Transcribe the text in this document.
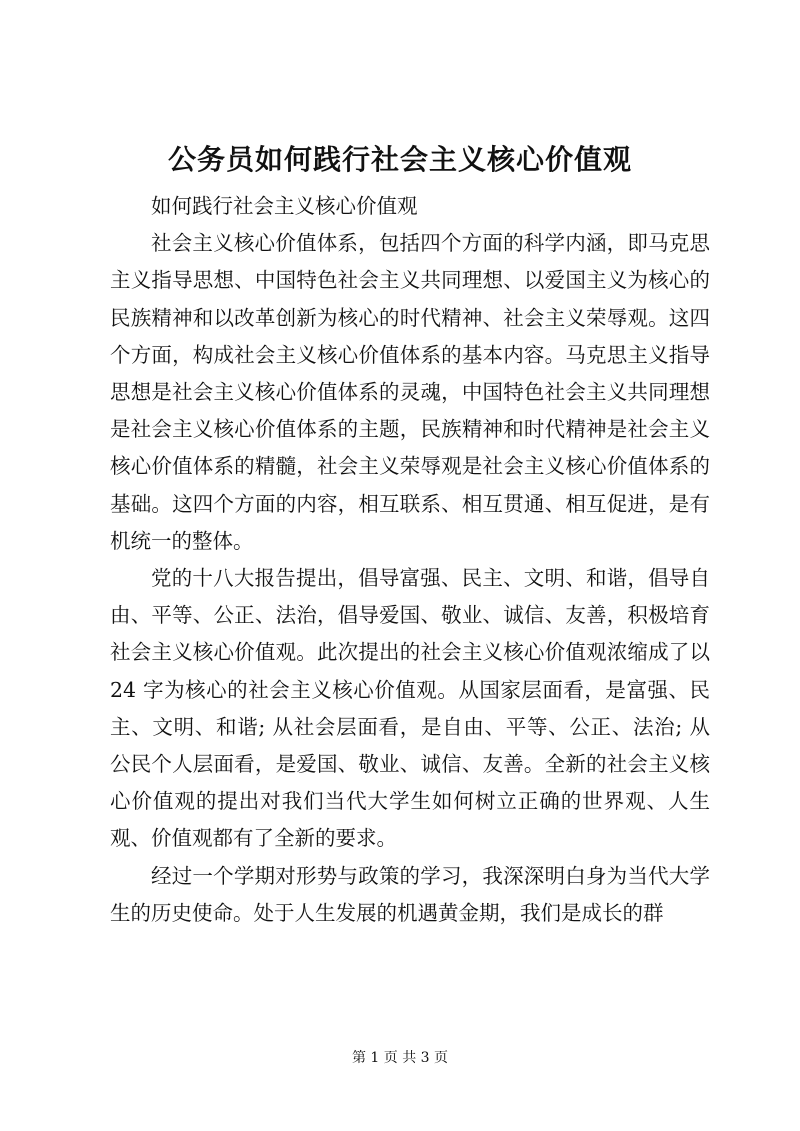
公务员如何践行社会主义核心价值观

如何践行社会主义核心价值观

社会主义核心价值体系，包括四个方面的科学内涵，即马克思主义指导思想、中国特色社会主义共同理想、以爱国主义为核心的民族精神和以改革创新为核心的时代精神、社会主义荣辱观。这四个方面，构成社会主义核心价值体系的基本内容。马克思主义指导思想是社会主义核心价值体系的灵魂，中国特色社会主义共同理想是社会主义核心价值体系的主题，民族精神和时代精神是社会主义核心价值体系的精髓，社会主义荣辱观是社会主义核心价值体系的基础。这四个方面的内容，相互联系、相互贯通、相互促进，是有机统一的整体。

党的十八大报告提出，倡导富强、民主、文明、和谐，倡导自由、平等、公正、法治，倡导爱国、敬业、诚信、友善，积极培育社会主义核心价值观。此次提出的社会主义核心价值观浓缩成了以 24 字为核心的社会主义核心价值观。从国家层面看，是富强、民主、文明、和谐; 从社会层面看，是自由、平等、公正、法治; 从公民个人层面看，是爱国、敬业、诚信、友善。全新的社会主义核心价值观的提出对我们当代大学生如何树立正确的世界观、人生观、价值观都有了全新的要求。

经过一个学期对形势与政策的学习，我深深明白身为当代大学生的历史使命。处于人生发展的机遇黄金期，我们是成长的群

第 1 页 共 3 页
